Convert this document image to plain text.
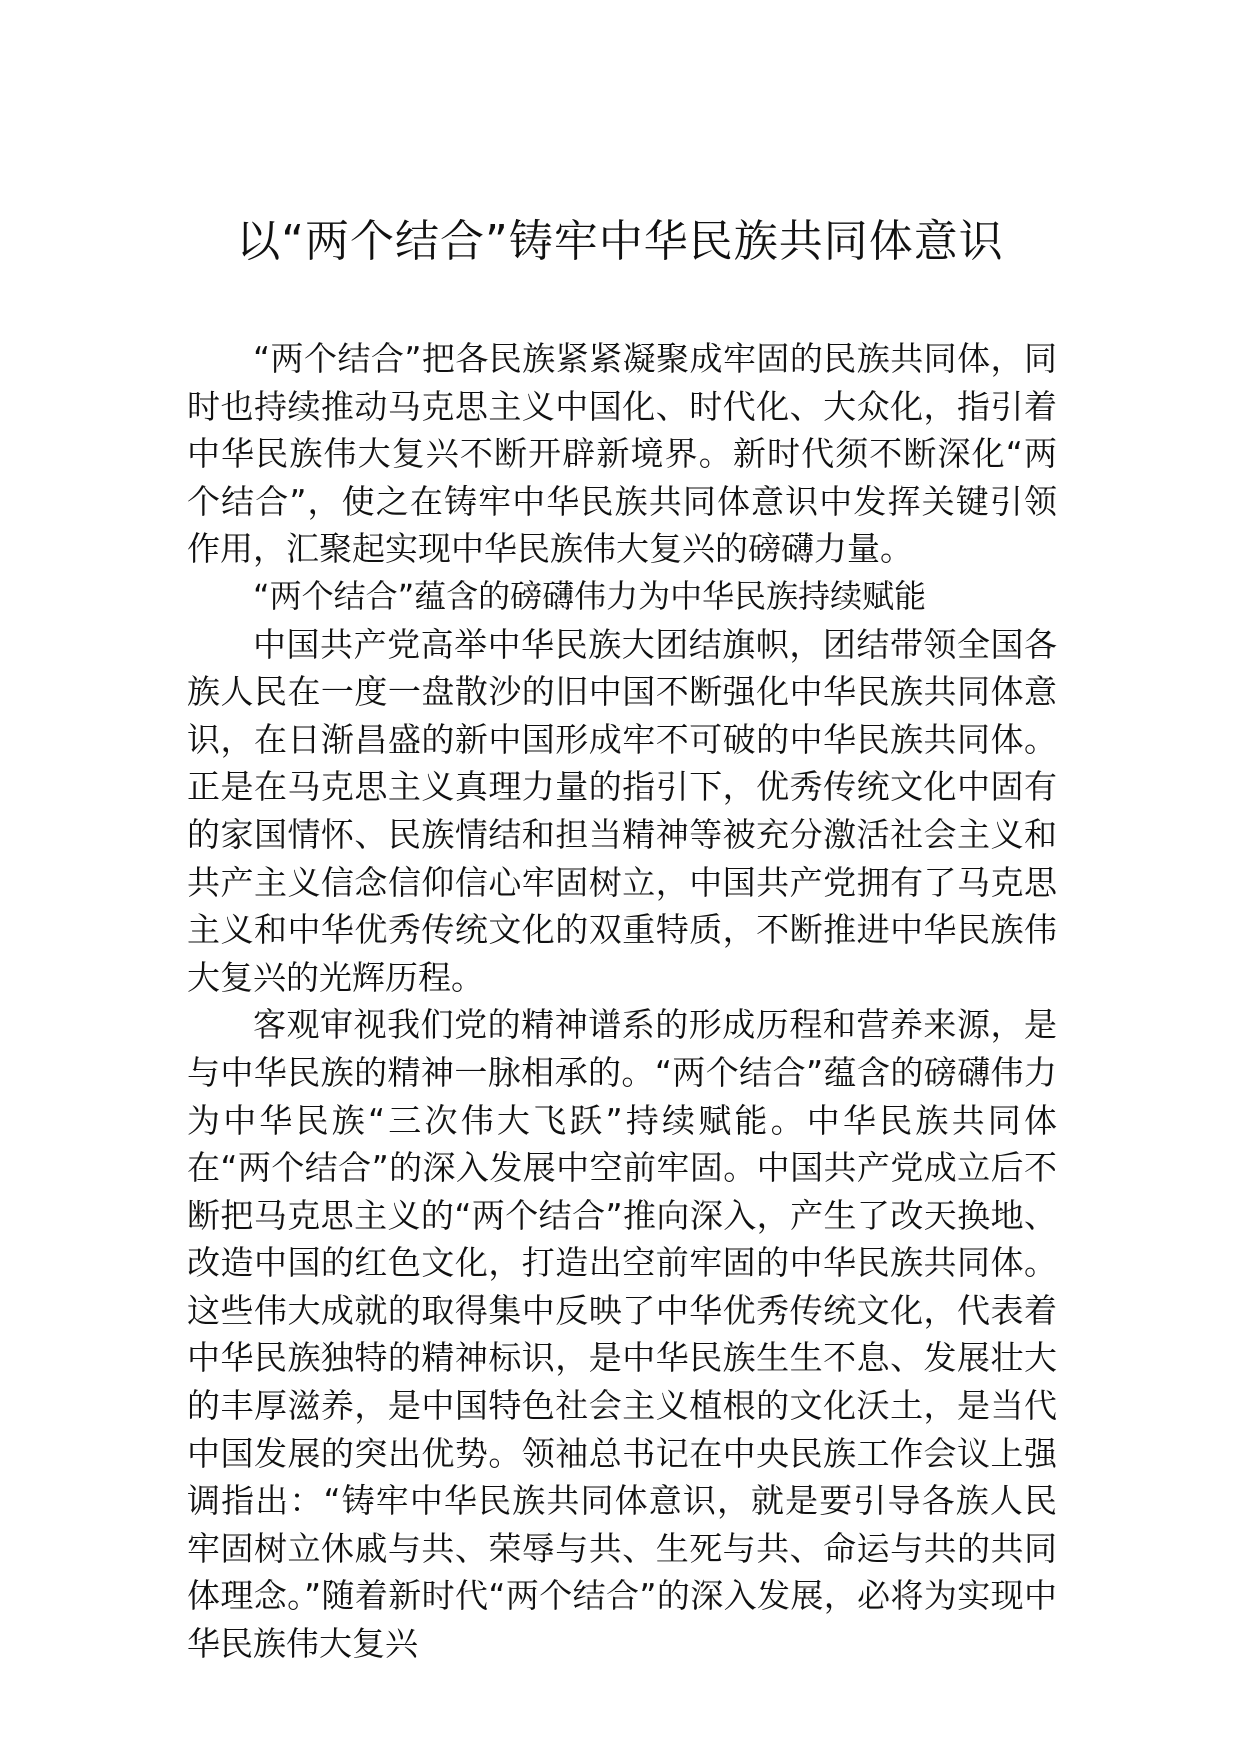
以“两个结合”铸牢中华民族共同体意识

“两个结合”把各民族紧紧凝聚成牢固的民族共同体，同时也持续推动马克思主义中国化、时代化、大众化，指引着中华民族伟大复兴不断开辟新境界。新时代须不断深化“两个结合”，使之在铸牢中华民族共同体意识中发挥关键引领作用，汇聚起实现中华民族伟大复兴的磅礴力量。

“两个结合”蕴含的磅礴伟力为中华民族持续赋能

中国共产党高举中华民族大团结旗帜，团结带领全国各族人民在一度一盘散沙的旧中国不断强化中华民族共同体意识，在日渐昌盛的新中国形成牢不可破的中华民族共同体。正是在马克思主义真理力量的指引下，优秀传统文化中固有的家国情怀、民族情结和担当精神等被充分激活社会主义和共产主义信念信仰信心牢固树立，中国共产党拥有了马克思主义和中华优秀传统文化的双重特质，不断推进中华民族伟大复兴的光辉历程。

客观审视我们党的精神谱系的形成历程和营养来源，是与中华民族的精神一脉相承的。“两个结合”蕴含的磅礴伟力为中华民族“三次伟大飞跃”持续赋能。中华民族共同体在“两个结合”的深入发展中空前牢固。中国共产党成立后不断把马克思主义的“两个结合”推向深入，产生了改天换地、改造中国的红色文化，打造出空前牢固的中华民族共同体。这些伟大成就的取得集中反映了中华优秀传统文化，代表着中华民族独特的精神标识，是中华民族生生不息、发展壮大的丰厚滋养，是中国特色社会主义植根的文化沃土，是当代中国发展的突出优势。领袖总书记在中央民族工作会议上强调指出：“铸牢中华民族共同体意识，就是要引导各族人民牢固树立休戚与共、荣辱与共、生死与共、命运与共的共同体理念。”随着新时代“两个结合”的深入发展，必将为实现中华民族伟大复兴
